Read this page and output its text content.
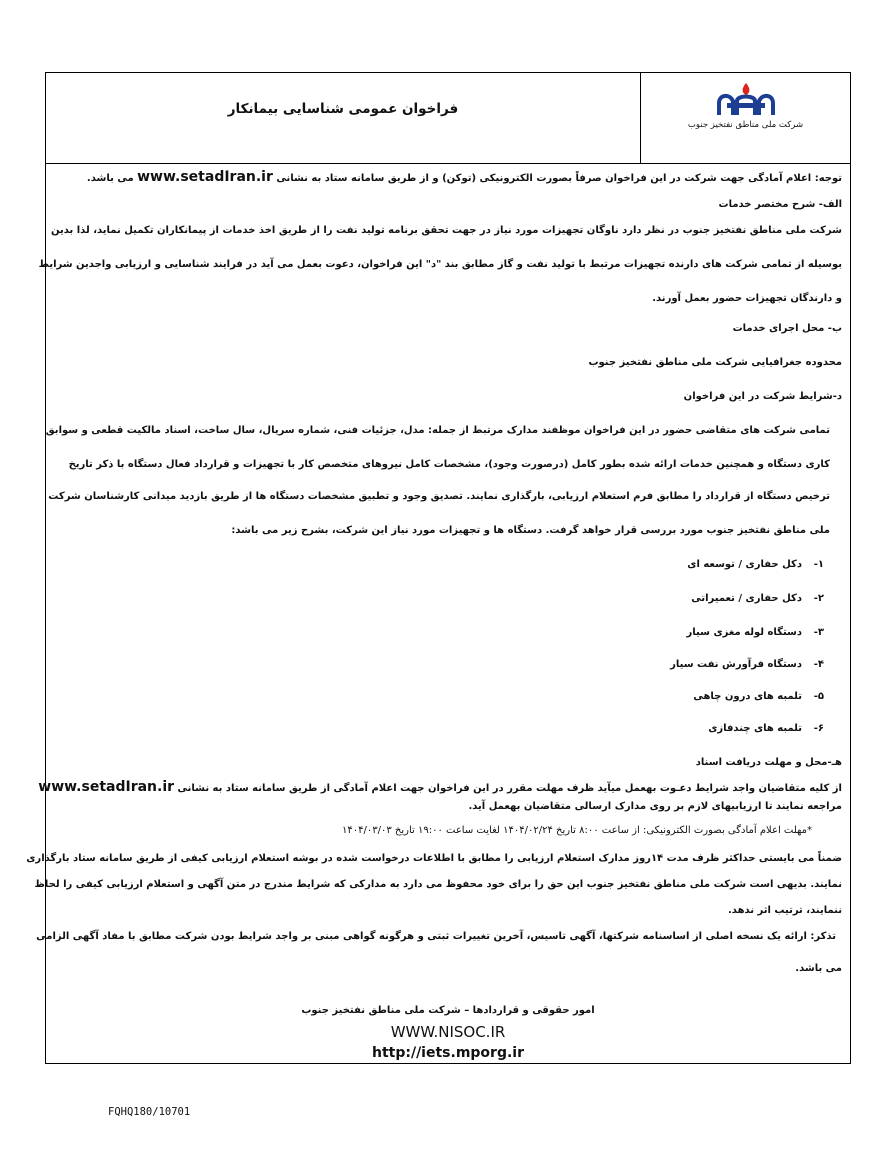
فراخوان عمومی شناسایی بیمانکار
شرکت ملی مناطق نفتخیز جنوب
توجه: اعلام آمادگی جهت شرکت در این فراخوان صرفاً بصورت الکترونیکی (توکن) و از طریق سامانه ستاد به نشانی www.setadIran.ir می باشد.
الف- شرح مختصر خدمات
شرکت ملی مناطق نفتخیز جنوب در نظر دارد ناوگان تجهیزات مورد نیاز در جهت تحقق برنامه تولید نفت را از طریق اخذ خدمات از پیمانکاران تکمیل نماید، لذا بدین
بوسیله از تمامی شرکت های دارنده تجهیزات مرتبط با تولید نفت و گاز مطابق بند "د" این فراخوان، دعوت بعمل می آید در فرایند شناسایی و ارزیابی واجدین شرایط
و دارندگان تجهیزات حضور بعمل آورند.
ب- محل اجرای خدمات
محدوده جغرافیایی شرکت ملی مناطق نفتخیز جنوب
د-شرایط شرکت در این فراخوان
تمامی شرکت های متقاضی حضور در این فراخوان موظفند مدارک مرتبط از جمله: مدل، جزئیات فنی، شماره سریال، سال ساخت، اسناد مالکیت قطعی و سوابق
کاری دستگاه و همچنین خدمات ارائه شده بطور کامل (درصورت وجود)، مشخصات کامل نیروهای متخصص کار با تجهیزات و قرارداد فعال دستگاه با ذکر تاریخ
ترخیص دستگاه از قرارداد را مطابق فرم استعلام ارزیابی، بارگذاری نمایند. تصدیق وجود و تطبیق مشخصات دستگاه ها از طریق بازدید میدانی کارشناسان شرکت
ملی مناطق نفتخیز جنوب مورد بررسی قرار خواهد گرفت. دستگاه ها و تجهیزات مورد نیاز این شرکت، بشرح زیر می باشد:
۱-دکل حفاری / توسعه ای
۲-دکل حفاری / تعمیراتی
۳-دستگاه لوله مغزی سیار
۴-دستگاه فرآورش نفت سیار
۵-تلمبه های درون چاهی
۶-تلمبه های چندفازی
هـ-محل و مهلت دریافت اسناد
از کلیه متقاضیان واجد شرایط دعـوت بهعمل میآید ظرف مهلت مقرر در این فراخوان جهت اعلام آمادگی از طریق سامانه ستاد به نشانی www.setadIran.ir
مراجعه نمایند تا ارزیابیهای لازم بر روی مدارک ارسالی متقاضیان بهعمل آید.
*مهلت اعلام آمادگی بصورت الکترونیکی: از ساعت ۸:۰۰ تاریخ ۱۴۰۴/۰۲/۲۴ لغایت ساعت ۱۹:۰۰ تاریخ ۱۴۰۴/۰۳/۰۳
ضمناً می بایستی حداکثر ظرف مدت ۱۴روز مدارک استعلام ارزیابی را مطابق با اطلاعات درخواست شده در بوشه استعلام ارزیابی کیفی از طریق سامانه ستاد بارگذاری
نمایند. بدیهی است شرکت ملی مناطق نفتخیز جنوب این حق را برای خود محفوظ می دارد به مدارکی که شرایط مندرج در متن آگهی و استعلام ارزیابی کیفی را لحاظ
ننمایند، ترتیب اثر ندهد.
تذکر: ارائه یک نسخه اصلی از اساسنامه شرکتها، آگهی تاسیس، آخرین تغییرات ثبتی و هرگونه گواهی مبنی بر واجد شرایط بودن شرکت مطابق با مفاد آگهی الزامی
می باشد.
امور حقوقی و قراردادها – شرکت ملی مناطق نفتخیز جنوب
WWW.NISOC.IR
http://iets.mporg.ir
FQHQ180/10701
